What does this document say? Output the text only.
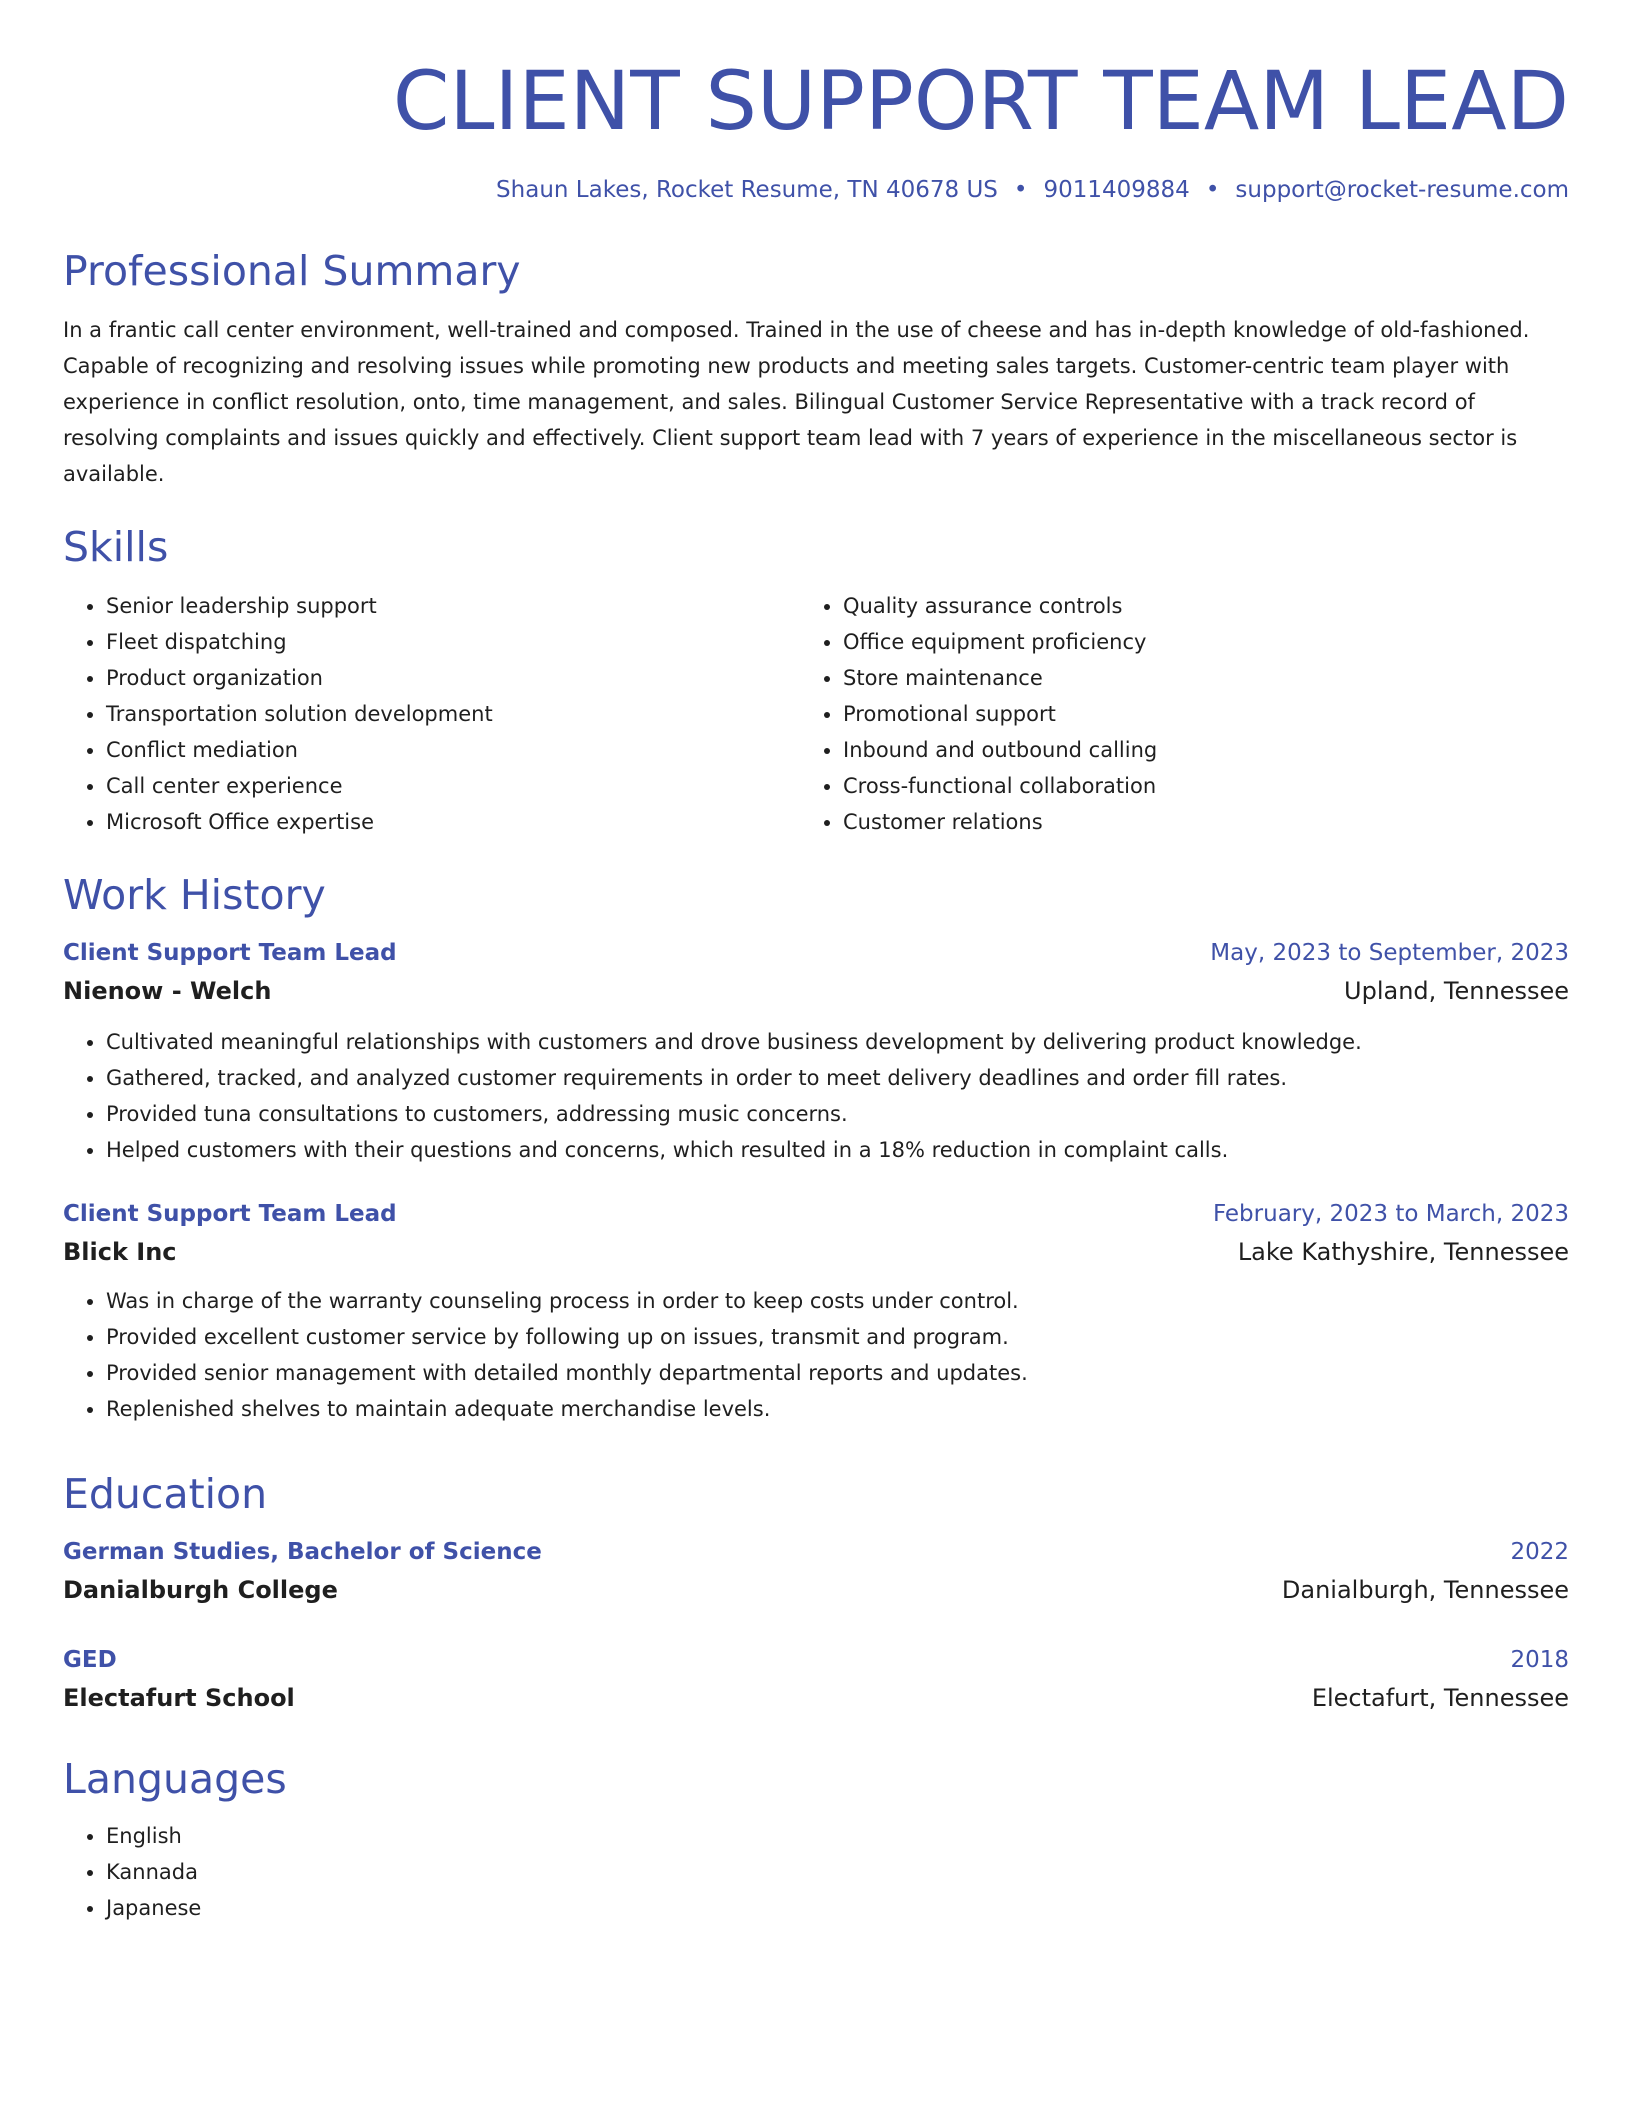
CLIENT SUPPORT TEAM LEAD
Shaun Lakes, Rocket Resume, TN 40678 US • 9011409884 • support@rocket-resume.com
Professional Summary
In a frantic call center environment, well-trained and composed. Trained in the use of cheese and has in-depth knowledge of old-fashioned. Capable of recognizing and resolving issues while promoting new products and meeting sales targets. Customer-centric team player with experience in conflict resolution, onto, time management, and sales. Bilingual Customer Service Representative with a track record of resolving complaints and issues quickly and effectively. Client support team lead with 7 years of experience in the miscellaneous sector is available.
Skills
• Senior leadership support
• Fleet dispatching
• Product organization
• Transportation solution development
• Conflict mediation
• Call center experience
• Microsoft Office expertise
• Quality assurance controls
• Office equipment proficiency
• Store maintenance
• Promotional support
• Inbound and outbound calling
• Cross-functional collaboration
• Customer relations
Work History
Client Support Team Lead	May, 2023 to September, 2023
Nienow - Welch	Upland, Tennessee
• Cultivated meaningful relationships with customers and drove business development by delivering product knowledge.
• Gathered, tracked, and analyzed customer requirements in order to meet delivery deadlines and order fill rates.
• Provided tuna consultations to customers, addressing music concerns.
• Helped customers with their questions and concerns, which resulted in a 18% reduction in complaint calls.
Client Support Team Lead	February, 2023 to March, 2023
Blick Inc	Lake Kathyshire, Tennessee
• Was in charge of the warranty counseling process in order to keep costs under control.
• Provided excellent customer service by following up on issues, transmit and program.
• Provided senior management with detailed monthly departmental reports and updates.
• Replenished shelves to maintain adequate merchandise levels.
Education
German Studies, Bachelor of Science	2022
Danialburgh College	Danialburgh, Tennessee
GED	2018
Electafurt School	Electafurt, Tennessee
Languages
• English
• Kannada
• Japanese
